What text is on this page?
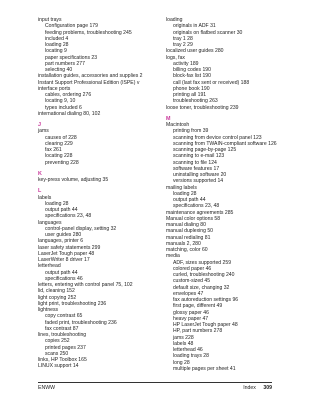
input trays
Configuration page 179
feeding problems, troubleshooting 245
included 4
loading 28
locating 9
paper specifications 23
part numbers 277
selecting 40
installation guides, accessories and supplies 2
Instant Support Professional Edition (ISPE) v
interface ports
cables, ordering 276
locating 9, 10
types included 6
international dialing 80, 102
J
jams
causes of 228
clearing 229
fax 261
locating 228
preventing 228
K
key-press volume, adjusting 35
L
labels
loading 28
output path 44
specifications 23, 48
languages
control-panel display, setting 32
user guides 280
languages, printer 6
laser safety statements 299
LaserJet Tough paper 48
LaserWriter 8 driver 17
letterhead
output path 44
specifications 46
letters, entering with control panel 75, 102
lid, cleaning 152
light copying 252
light print, troubleshooting 236
lightness
copy contrast 65
faded print, troubleshooting 236
fax contrast 87
lines, troubleshooting
copies 252
printed pages 237
scans 250
links, HP Toolbox 165
LINUX support 14
loading
originals in ADF 31
originals on flatbed scanner 30
tray 1 28
tray 2 29
localized user guides 280
logs, fax
activity 189
billing codes 190
block-fax list 190
call (last fax sent or received) 188
phone book 190
printing all 191
troubleshooting 263
loose toner, troubleshooting 239
M
Macintosh
printing from 39
scanning from device control panel 123
scanning from TWAIN-compliant software 126
scanning page-by-page 125
scanning to e-mail 123
scanning to file 124
software features 17
uninstalling software 20
versions supported 14
mailing labels
loading 28
output path 44
specifications 23, 48
maintenance agreements 285
Manual color options 58
manual dialing 80
manual duplexing 50
manual redialing 81
manuals 2, 280
matching, color 60
media
ADF, sizes supported 259
colored paper 46
curled, troubleshooting 240
custom-sized 45
default size, changing 32
envelopes 47
fax autoreduction settings 96
first page, different 49
glossy paper 46
heavy paper 47
HP LaserJet Tough paper 48
HP, part numbers 278
jams 228
labels 48
letterhead 46
loading trays 28
long 28
multiple pages per sheet 41
ENWW	Index 309
